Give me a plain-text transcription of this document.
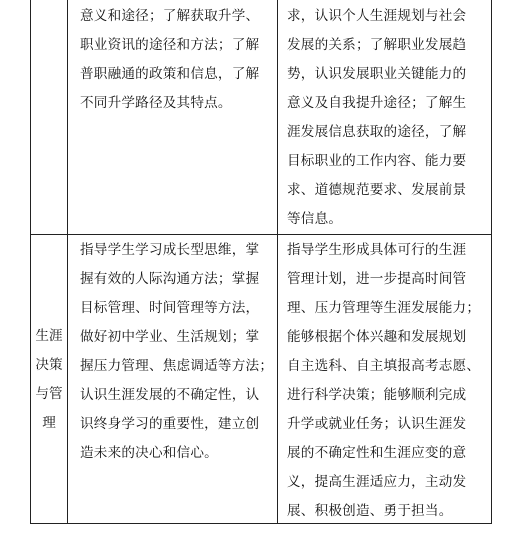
意义和途径；了解获取升学、
职业资讯的途径和方法；了解
普职融通的政策和信息，了解
不同升学路径及其特点。
求，认识个人生涯规划与社会
发展的关系；了解职业发展趋
势，认识发展职业关键能力的
意义及自我提升途径；了解生
涯发展信息获取的途径，了解
目标职业的工作内容、能力要
求、道德规范要求、发展前景
等信息。
生涯
决策
与管
理
指导学生学习成长型思维，掌
握有效的人际沟通方法；掌握
目标管理、时间管理等方法，
做好初中学业、生活规划；掌
握压力管理、焦虑调适等方法；
认识生涯发展的不确定性，认
识终身学习的重要性，建立创
造未来的决心和信心。
指导学生形成具体可行的生涯
管理计划，进一步提高时间管
理、压力管理等生涯发展能力；
能够根据个体兴趣和发展规划
自主选科、自主填报高考志愿、
进行科学决策；能够顺利完成
升学或就业任务；认识生涯发
展的不确定性和生涯应变的意
义，提高生涯适应力，主动发
展、积极创造、勇于担当。
